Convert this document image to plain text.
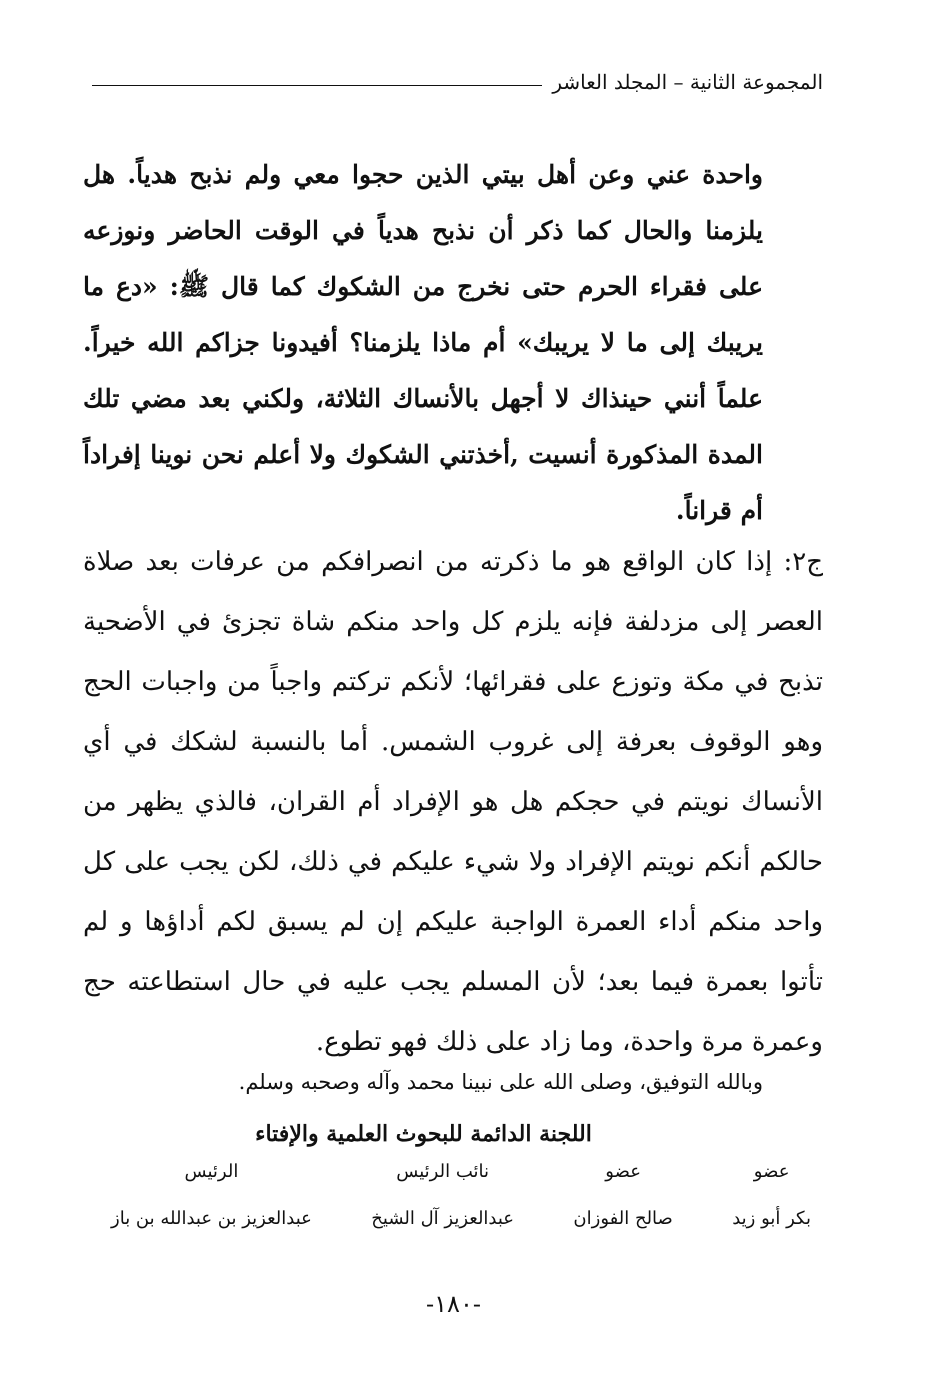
المجموعة الثانية – المجلد العاشر

واحدة عني وعن أهل بيتي الذين حجوا معي ولم نذبح هدياً. هل يلزمنا والحال كما ذكر أن نذبح هدياً في الوقت الحاضر ونوزعه على فقراء الحرم حتى نخرج من الشكوك كما قال ﷺ: «دع ما يريبك إلى ما لا يريبك» أم ماذا يلزمنا؟ أفيدونا جزاكم الله خيراً. علماً أنني حينذاك لا أجهل بالأنساك الثلاثة، ولكني بعد مضي تلك المدة المذكورة أنسيت ,أخذتني الشكوك ولا أعلم نحن نوينا إفراداً أم قراناً.

ج٢: إذا كان الواقع هو ما ذكرته من انصرافكم من عرفات بعد صلاة العصر إلى مزدلفة فإنه يلزم كل واحد منكم شاة تجزئ في الأضحية تذبح في مكة وتوزع على فقرائها؛ لأنكم تركتم واجباً من واجبات الحج وهو الوقوف بعرفة إلى غروب الشمس. أما بالنسبة لشكك في أي الأنساك نويتم في حجكم هل هو الإفراد أم القران، فالذي يظهر من حالكم أنكم نويتم الإفراد ولا شيء عليكم في ذلك، لكن يجب على كل واحد منكم أداء العمرة الواجبة عليكم إن لم يسبق لكم أداؤها و لم تأتوا بعمرة فيما بعد؛ لأن المسلم يجب عليه في حال استطاعته حج وعمرة مرة واحدة، وما زاد على ذلك فهو تطوع.

وبالله التوفيق، وصلى الله على نبينا محمد وآله وصحبه وسلم.
اللجنة الدائمة للبحوث العلمية والإفتاء
عضو
بكر أبو زيد
عضو
صالح الفوزان
نائب الرئيس
عبدالعزيز آل الشيخ
الرئيس
عبدالعزيز بن عبدالله بن باز
-١٨٠-
